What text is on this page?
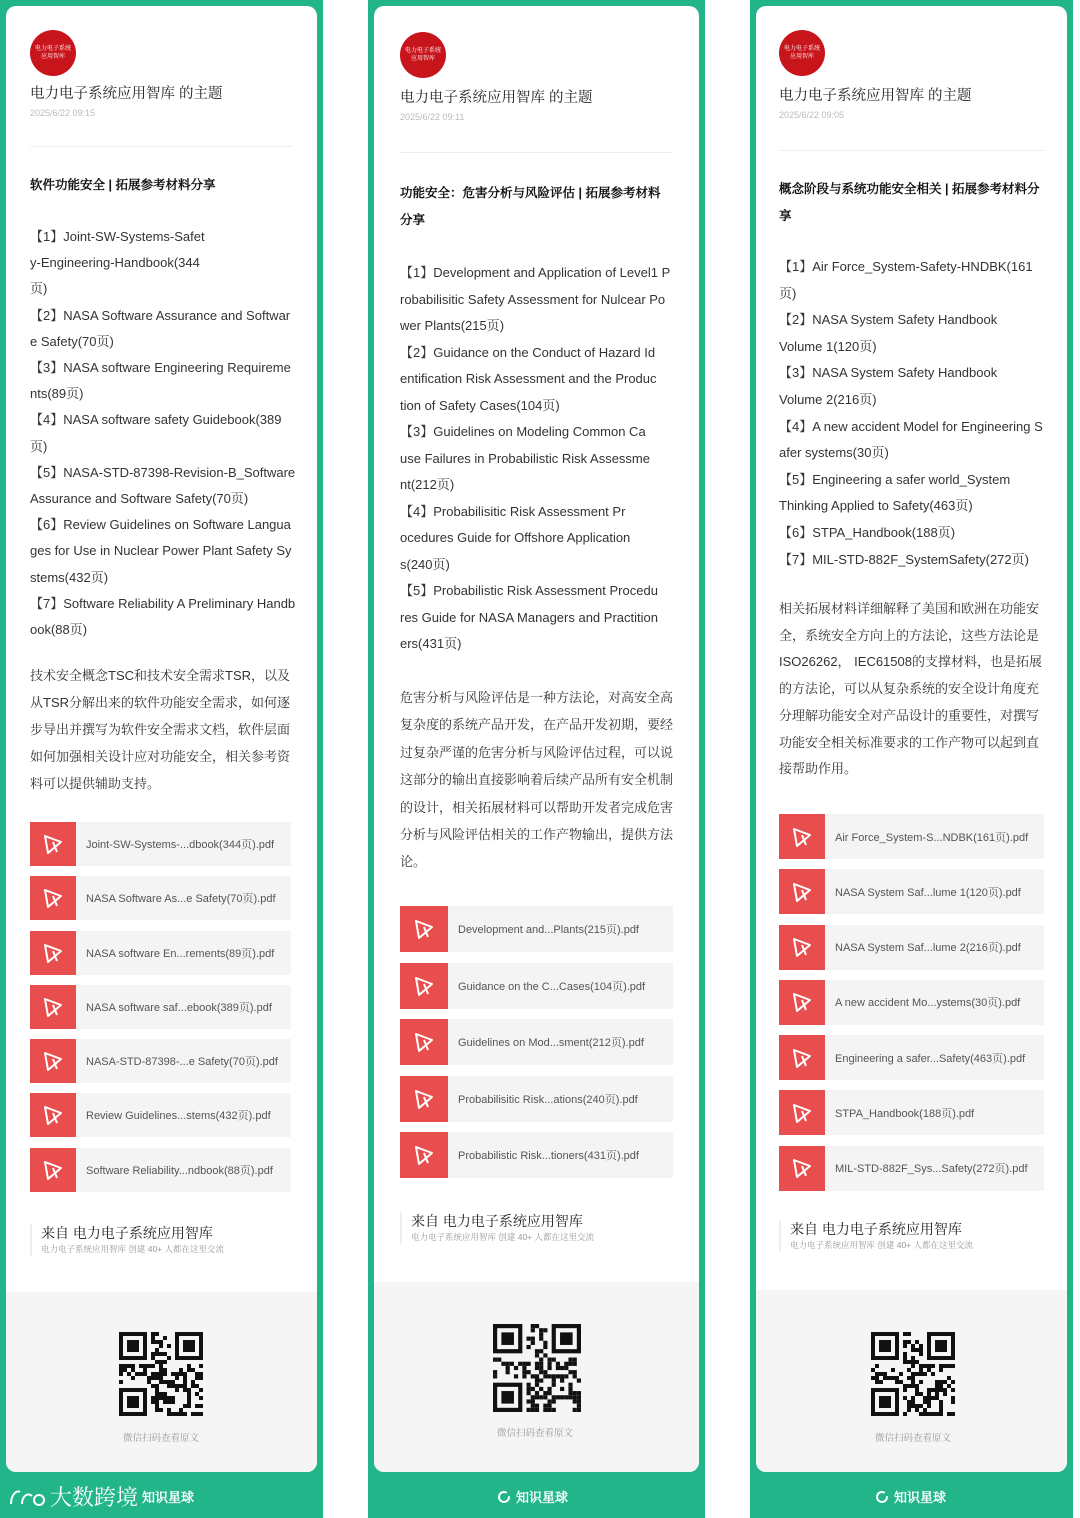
电力电子系统应用智库
电力电子系统应用智库 的主题
2025/6/22 09:15
软件功能安全 | 拓展参考材料分享
【1】Joint-SW-Systems-Safety-Engineering-Handbook(344页)
【2】NASA Software Assurance and Software Safety(70页)
【3】NASA software Engineering Requirements(89页)
【4】NASA software safety Guidebook(389页)
【5】NASA-STD-87398-Revision-B_Software Assurance and Software Safety(70页)
【6】Review Guidelines on Software Languages for Use in Nuclear Power Plant Safety Systems(432页)
【7】Software Reliability A Preliminary Handbook(88页)
技术安全概念TSC和技术安全需求TSR，以及从TSR分解出来的软件功能安全需求，如何逐步导出并撰写为软件安全需求文档，软件层面如何加强相关设计应对功能安全，相关参考资料可以提供辅助支持。
Joint-SW-Systems-...dbook(344页).pdf
NASA Software As...e Safety(70页).pdf
NASA software En...rements(89页).pdf
NASA software saf...ebook(389页).pdf
NASA-STD-87398-...e Safety(70页).pdf
Review Guidelines...stems(432页).pdf
Software Reliability...ndbook(88页).pdf
来自 电力电子系统应用智库
电力电子系统应用智库 创建 40+ 人都在这里交流
微信扫码查看原文
大数跨境 知识星球
电力电子系统应用智库
电力电子系统应用智库 的主题
2025/6/22 09:11
功能安全：危害分析与风险评估 | 拓展参考材料分享
【1】Development and Application of Level1 Probabilisitic Safety Assessment for Nulcear Power Plants(215页)
【2】Guidance on the Conduct of Hazard Identification Risk Assessment and the Production of Safety Cases(104页)
【3】Guidelines on Modeling Common Cause Failures in Probabilistic Risk Assessment(212页)
【4】Probabilisitic Risk Assessment Procedures Guide for Offshore Applications(240页)
【5】Probabilistic Risk Assessment Procedures Guide for NASA Managers and Practitioners(431页)
危害分析与风险评估是一种方法论，对高安全高复杂度的系统产品开发，在产品开发初期，要经过复杂严谨的危害分析与风险评估过程，可以说这部分的输出直接影响着后续产品所有安全机制的设计，相关拓展材料可以帮助开发者完成危害分析与风险评估相关的工作产物输出，提供方法论。
Development and...Plants(215页).pdf
Guidance on the C...Cases(104页).pdf
Guidelines on Mod...sment(212页).pdf
Probabilisitic Risk...ations(240页).pdf
Probabilistic Risk...tioners(431页).pdf
来自 电力电子系统应用智库
电力电子系统应用智库 创建 40+ 人都在这里交流
微信扫码查看原文
知识星球
电力电子系统应用智库
电力电子系统应用智库 的主题
2025/6/22 09:05
概念阶段与系统功能安全相关 | 拓展参考材料分享
【1】Air Force_System-Safety-HNDBK(161页)
【2】NASA System Safety Handbook Volume 1(120页)
【3】NASA System Safety Handbook Volume 2(216页)
【4】A new accident Model for Engineering Safer systems(30页)
【5】Engineering a safer world_System Thinking Applied to Safety(463页)
【6】STPA_Handbook(188页)
【7】MIL-STD-882F_SystemSafety(272页)
相关拓展材料详细解释了美国和欧洲在功能安全，系统安全方向上的方法论，这些方法论是ISO26262， IEC61508的支撑材料，也是拓展的方法论，可以从复杂系统的安全设计角度充分理解功能安全对产品设计的重要性，对撰写功能安全相关标准要求的工作产物可以起到直接帮助作用。
Air Force_System-S...NDBK(161页).pdf
NASA System Saf...lume 1(120页).pdf
NASA System Saf...lume 2(216页).pdf
A new accident Mo...ystems(30页).pdf
Engineering a safer...Safety(463页).pdf
STPA_Handbook(188页).pdf
MIL-STD-882F_Sys...Safety(272页).pdf
来自 电力电子系统应用智库
电力电子系统应用智库 创建 40+ 人都在这里交流
微信扫码查看原文
知识星球
